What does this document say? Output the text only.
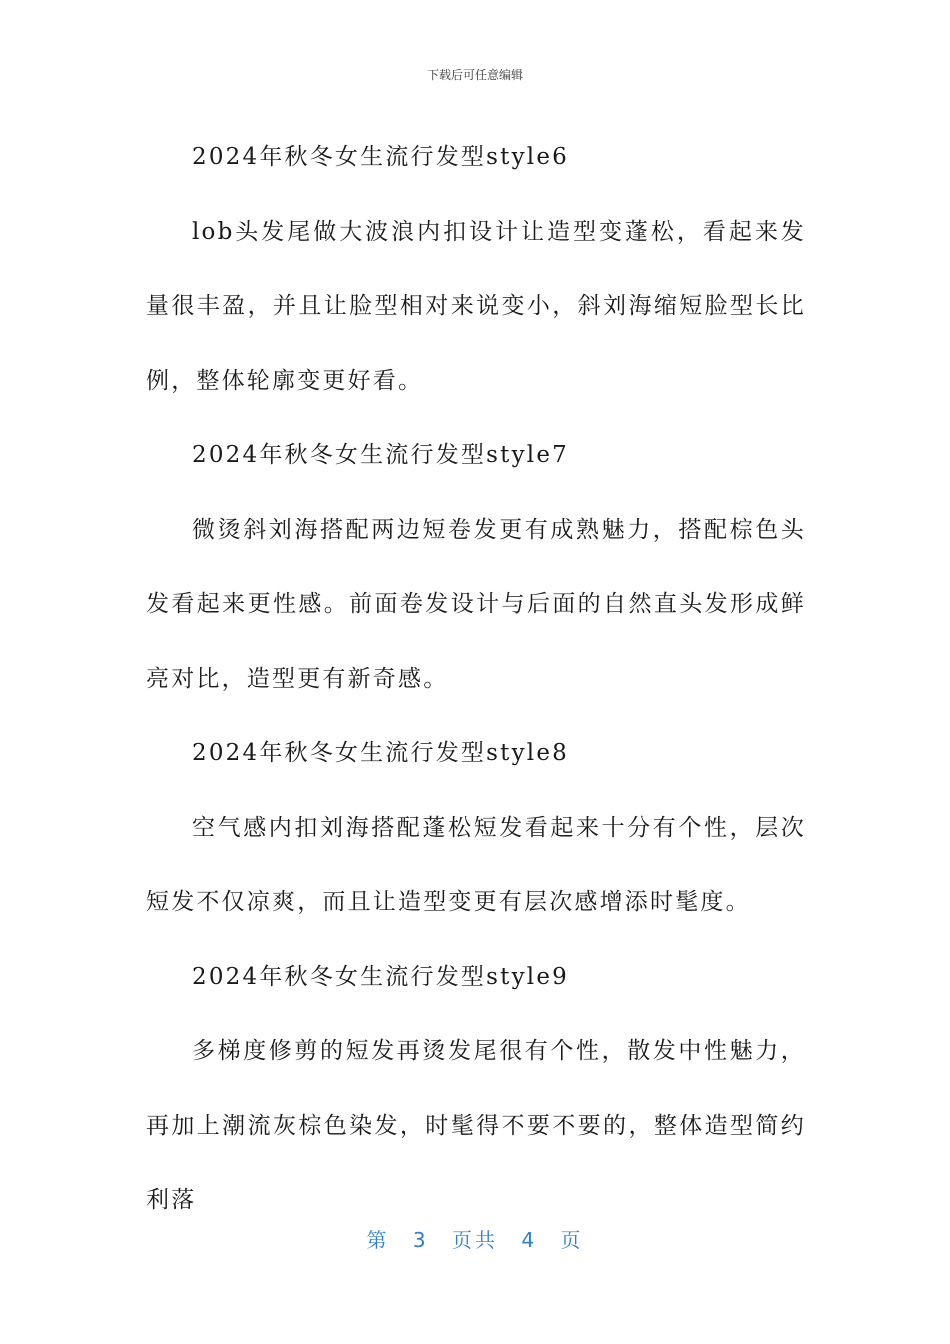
下载后可任意编辑

2024年秋冬女生流行发型style6

lob头发尾做大波浪内扣设计让造型变蓬松，看起来发量很丰盈，并且让脸型相对来说变小，斜刘海缩短脸型长比例，整体轮廓变更好看。

2024年秋冬女生流行发型style7

微烫斜刘海搭配两边短卷发更有成熟魅力，搭配棕色头发看起来更性感。前面卷发设计与后面的自然直头发形成鲜亮对比，造型更有新奇感。

2024年秋冬女生流行发型style8

空气感内扣刘海搭配蓬松短发看起来十分有个性，层次短发不仅凉爽，而且让造型变更有层次感增添时髦度。

2024年秋冬女生流行发型style9

多梯度修剪的短发再烫发尾很有个性，散发中性魅力，再加上潮流灰棕色染发，时髦得不要不要的，整体造型简约利落

第 3 页共 4 页
